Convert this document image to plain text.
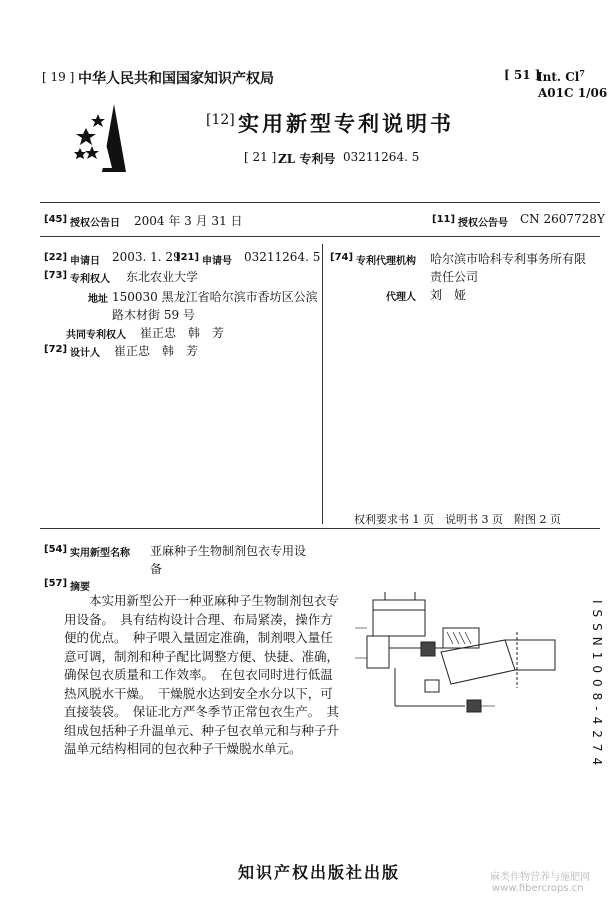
[ 19 ] 中华人民共和国国家知识产权局	[ 51 ]
Int. Cl$^7$
A01C 1/06
[12] 实用新型专利说明书
[ 21 ] ZL 专利号 03211264. 5
[45] 授权公告日 2004 年 3 月 31 日	[11] 授权公告号 CN 2607728Y
[22] 申请日 2003. 1. 29
[21] 申请号 03211264. 5
[73] 专利权人 东北农业大学
地址 150030 黑龙江省哈尔滨市香坊区公滨
路木材街 59 号
共同专利权人 崔正忠　韩　芳
[72] 设计人 崔正忠　韩　芳
[74] 专利代理机构 哈尔滨市哈科专利事务所有限
责任公司
代理人 刘　娅
权利要求书 1 页　说明书 3 页　附图 2 页
[54] 实用新型名称 亚麻种子生物制剂包衣专用设
备
[57] 摘要

　　本实用新型公开一种亚麻种子生物制剂包衣专

用设备。　具有结构设计合理、布局紧凑，操作方

便的优点。　种子喂入量固定准确，制剂喂入量任

意可调，制剂和种子配比调整方便、快捷、准确，

确保包衣质量和工作效率。　在包衣同时进行低温

热风脱水干燥。　干燥脱水达到安全水分以下，可

直接装袋。　保证北方严冬季节正常包衣生产。　其

组成包括种子升温单元、种子包衣单元和与种子升

温单元结构相同的包衣种子干燥脱水单元。	ISSN1008-4274
知识产权出版社出版	麻类作物营养与施肥网
www.fibercrops.cn
